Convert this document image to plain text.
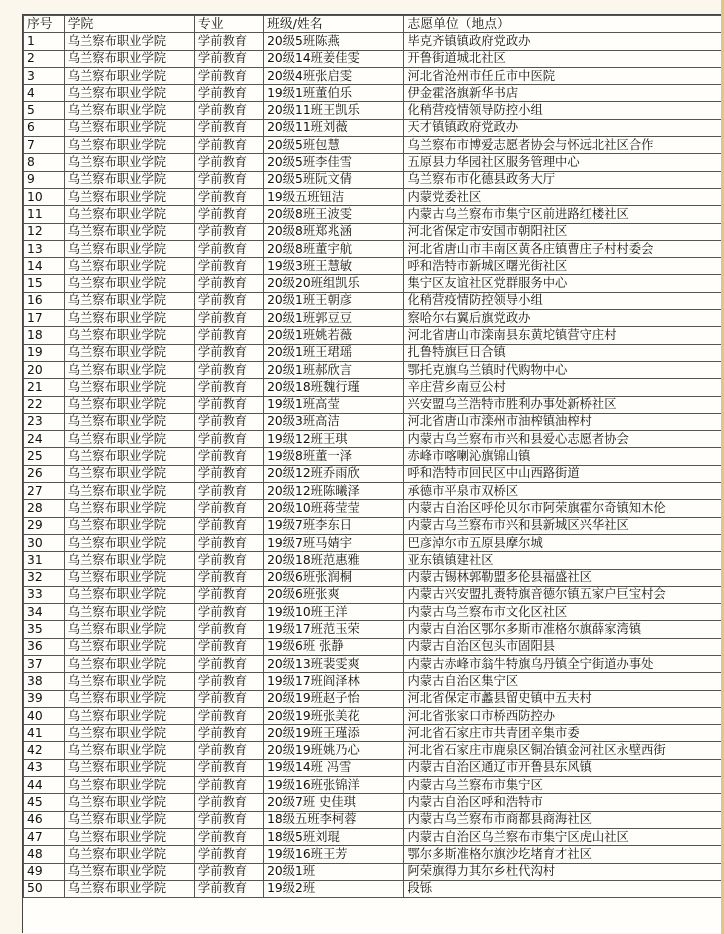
序号	学院	专业	班级/姓名	志愿单位（地点）
1	乌兰察布职业学院	学前教育	20级5班陈燕	毕克齐镇镇政府党政办
2	乌兰察布职业学院	学前教育	20级14班姜佳雯	开鲁街道城北社区
3	乌兰察布职业学院	学前教育	20级4班张启雯	河北省沧州市任丘市中医院
4	乌兰察布职业学院	学前教育	19级1班董伯乐	伊金霍洛旗新华书店
5	乌兰察布职业学院	学前教育	20级11班王凯乐	化稍营疫情领导防控小组
6	乌兰察布职业学院	学前教育	20级11班刘薇	天才镇镇政府党政办
7	乌兰察布职业学院	学前教育	20级5班包慧	乌兰察布市博爱志愿者协会与怀远北社区合作
8	乌兰察布职业学院	学前教育	20级5班李佳雪	五原县力华园社区服务管理中心
9	乌兰察布职业学院	学前教育	20级5班阮文倩	乌兰察布市化德县政务大厅
10	乌兰察布职业学院	学前教育	19级五班钮洁	内蒙党委社区
11	乌兰察布职业学院	学前教育	20级8班王波雯	内蒙古乌兰察布市集宁区前进路红楼社区
12	乌兰察布职业学院	学前教育	20级8班郑兆涵	河北省保定市安国市朝阳社区
13	乌兰察布职业学院	学前教育	20级8班董宇航	河北省唐山市丰南区黄各庄镇曹庄子村村委会
14	乌兰察布职业学院	学前教育	19级3班王慧敏	呼和浩特市新城区曙光街社区
15	乌兰察布职业学院	学前教育	20级20班组凯乐	集宁区友谊社区党群服务中心
16	乌兰察布职业学院	学前教育	20级1班王朝彦	化稍营疫情防控领导小组
17	乌兰察布职业学院	学前教育	20级1班郭豆豆	察哈尔右翼后旗党政办
18	乌兰察布职业学院	学前教育	20级1班姚若薇	河北省唐山市滦南县东黄坨镇营守庄村
19	乌兰察布职业学院	学前教育	20级1班王珺瑶	扎鲁特旗巨日合镇
20	乌兰察布职业学院	学前教育	20级1班郝欣言	鄂托克旗乌兰镇时代购物中心
21	乌兰察布职业学院	学前教育	20级18班魏行瑾	辛庄营乡南豆公村
22	乌兰察布职业学院	学前教育	19级1班高莹	兴安盟乌兰浩特市胜利办事处新桥社区
23	乌兰察布职业学院	学前教育	20级3班高洁	河北省唐山市滦州市油榨镇油榨村
24	乌兰察布职业学院	学前教育	19级12班王琪	内蒙古乌兰察布市兴和县爱心志愿者协会
25	乌兰察布职业学院	学前教育	19级8班董一泽	赤峰市喀喇沁旗锦山镇
26	乌兰察布职业学院	学前教育	20级12班乔雨欣	呼和浩特市回民区中山西路街道
27	乌兰察布职业学院	学前教育	20级12班陈曦泽	承德市平泉市双桥区
28	乌兰察布职业学院	学前教育	20级10班蒋莹莹	内蒙古自治区呼伦贝尔市阿荣旗霍尔奇镇知木伦
29	乌兰察布职业学院	学前教育	19级7班李东日	内蒙古乌兰察布市兴和县新城区兴华社区
30	乌兰察布职业学院	学前教育	19级7班马婧宇	巴彦淖尔市五原县摩尔城
31	乌兰察布职业学院	学前教育	20级18班范惠雅	亚东镇镇建社区
32	乌兰察布职业学院	学前教育	20级6班张润桐	内蒙古锡林郭勒盟多伦县福盛社区
33	乌兰察布职业学院	学前教育	20级6班张爽	内蒙古兴安盟扎赉特旗音德尔镇五家户巨宝村会
34	乌兰察布职业学院	学前教育	19级10班王洋	内蒙古乌兰察布市文化区社区
35	乌兰察布职业学院	学前教育	19级17班范玉荣	内蒙古自治区鄂尔多斯市准格尔旗薛家湾镇
36	乌兰察布职业学院	学前教育	19级6班 张静	内蒙古自治区包头市固阳县
37	乌兰察布职业学院	学前教育	20级13班裴雯爽	内蒙古赤峰市翁牛特旗乌丹镇全宁街道办事处
38	乌兰察布职业学院	学前教育	19级17班阎泽林	内蒙古自治区集宁区
39	乌兰察布职业学院	学前教育	20级19班赵子怡	河北省保定市蠡县留史镇中五夫村
40	乌兰察布职业学院	学前教育	20级19班张美花	河北省张家口市桥西防控办
41	乌兰察布职业学院	学前教育	20级19班王瑾添	河北省石家庄市共青团辛集市委
42	乌兰察布职业学院	学前教育	20级19班姚乃心	河北省石家庄市鹿泉区铜冶镇金河社区永壁西街
43	乌兰察布职业学院	学前教育	19级14班 冯雪	内蒙古自治区通辽市开鲁县东风镇
44	乌兰察布职业学院	学前教育	19级16班张锦洋	内蒙古乌兰察布市集宁区
45	乌兰察布职业学院	学前教育	20级7班 史佳琪	内蒙古自治区呼和浩特市
46	乌兰察布职业学院	学前教育	18级五班李柯蓉	内蒙古乌兰察布市商都县商海社区
47	乌兰察布职业学院	学前教育	18级5班刘琨	内蒙古自治区乌兰察布市集宁区虎山社区
48	乌兰察布职业学院	学前教育	19级16班王芳	鄂尔多斯准格尔旗沙圪堵育才社区
49	乌兰察布职业学院	学前教育	20级1班	阿荣旗得力其尔乡杜代沟村
50	乌兰察布职业学院	学前教育	19级2班	段铄
